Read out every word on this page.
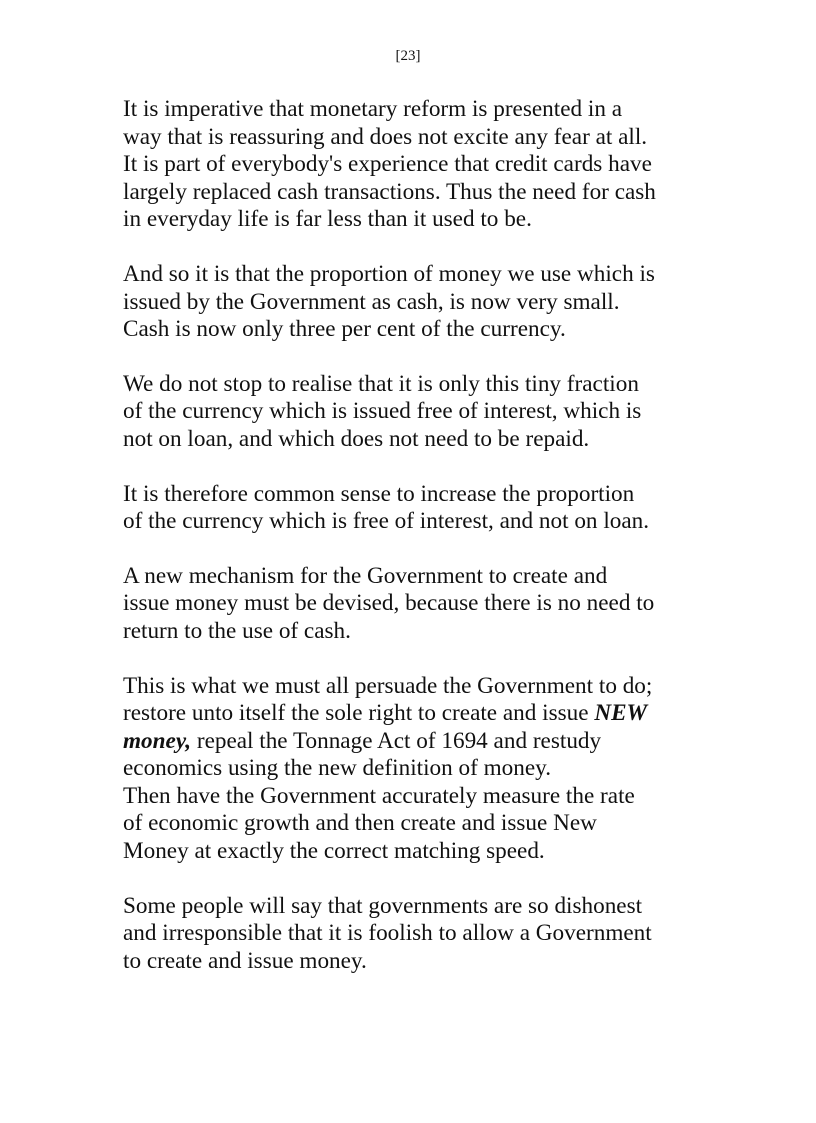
[23]

It is imperative that monetary reform is presented in a
way that is reassuring and does not excite any fear at all.
It is part of everybody's experience that credit cards have
largely replaced cash transactions. Thus the need for cash
in everyday life is far less than it used to be.

And so it is that the proportion of money we use which is
issued by the Government as cash, is now very small.
Cash is now only three per cent of the currency.

We do not stop to realise that it is only this tiny fraction
of the currency which is issued free of interest, which is
not on loan, and which does not need to be repaid.

It is therefore common sense to increase the proportion
of the currency which is free of interest, and not on loan.

A new mechanism for the Government to create and
issue money must be devised, because there is no need to
return to the use of cash.

This is what we must all persuade the Government to do;
restore unto itself the sole right to create and issue NEW
money, repeal the Tonnage Act of 1694 and restudy
economics using the new definition of money.
Then have the Government accurately measure the rate
of economic growth and then create and issue New
Money at exactly the correct matching speed.

Some people will say that governments are so dishonest
and irresponsible that it is foolish to allow a Government
to create and issue money.
